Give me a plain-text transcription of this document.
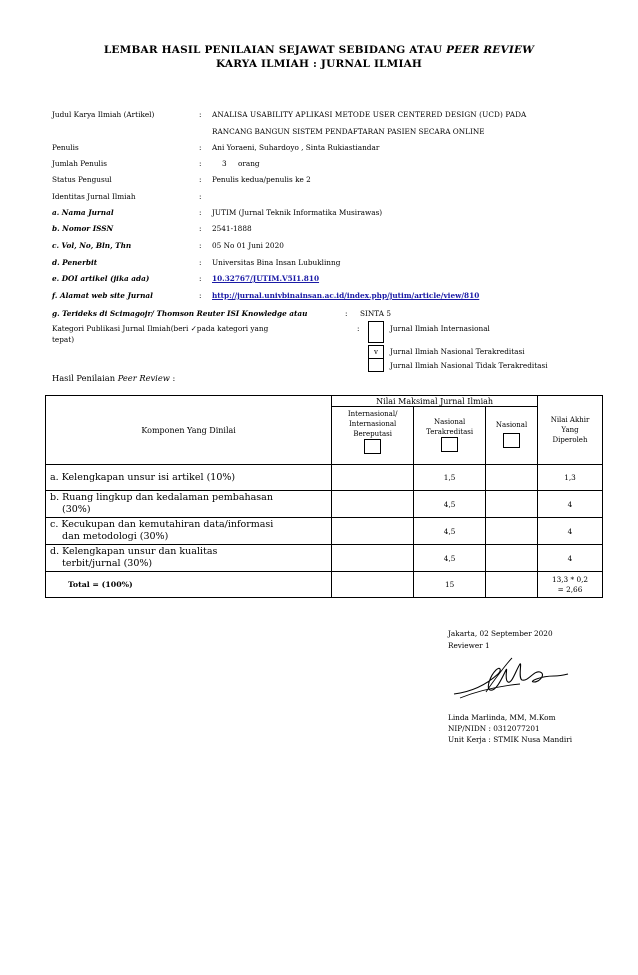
LEMBAR HASIL PENILAIAN SEJAWAT SEBIDANG ATAU PEER REVIEW
KARYA ILMIAH : JURNAL ILMIAH
Judul Karya Ilmiah (Artikel)	: ANALISA USABILITY APLIKASI METODE USER CENTERED DESIGN (UCD) PADA
RANCANG BANGUN SISTEM PENDAFTARAN PASIEN SECARA ONLINE
Penulis	: Ani Yoraeni, Suhardoyo , Sinta Rukiastiandar
Jumlah Penulis	:	3 orang
Status Pengusul	: Penulis kedua/penulis ke 2
Identitas Jurnal Ilmiah	:
a. Nama Jurnal	: JUTIM (Jurnal Teknik Informatika Musirawas)
b. Nomor ISSN	: 2541-1888
c. Vol, No, Bln, Thn	: 05 No 01 Juni 2020
d. Penerbit	: Universitas Bina Insan Lubuklinng
e. DOI artikel (jika ada)	: 10.32767/JUTIM.V5I1.810
f. Alamat web site Jurnal	: http://jurnal.univbinainsan.ac.id/index.php/jutim/article/view/810
g. Terideks di Scimagojr/ Thomson Reuter ISI Knowledge atau	: SINTA 5
Kategori Publikasi Jurnal Ilmiah(beri ✓pada kategori yang	:
tepat)
Jurnal Ilmiah Internasional
v	Jurnal Ilmiah Nasional Terakreditasi
Jurnal Ilmiah Nasional Tidak Terakreditasi
Hasil Penilaian Peer Review :
Komponen Yang Dinilai	Nilai Maksimal Jurnal Ilmiah			Nilai Akhir Yang Diperoleh

	Internasional/ Internasional Bereputasi	Nasional Terakreditasi	Nasional	

a. Kelengkapan unsur isi artikel (10%)		1,5		1,3

b. Ruang lingkup dan kedalaman pembahasan
(30%)		4,5		4

c. Kecukupan dan kemutahiran data/informasi
dan metodologi (30%)		4,5		4

d. Kelengkapan unsur dan kualitas
terbit/jurnal (30%)		4,5		4
Total = (100%)		15		13,3 * 0,2
= 2,66
Jakarta, 02 September 2020
Reviewer 1
Linda Marlinda, MM, M.Kom
NIP/NIDN : 0312077201
Unit Kerja : STMIK Nusa Mandiri
